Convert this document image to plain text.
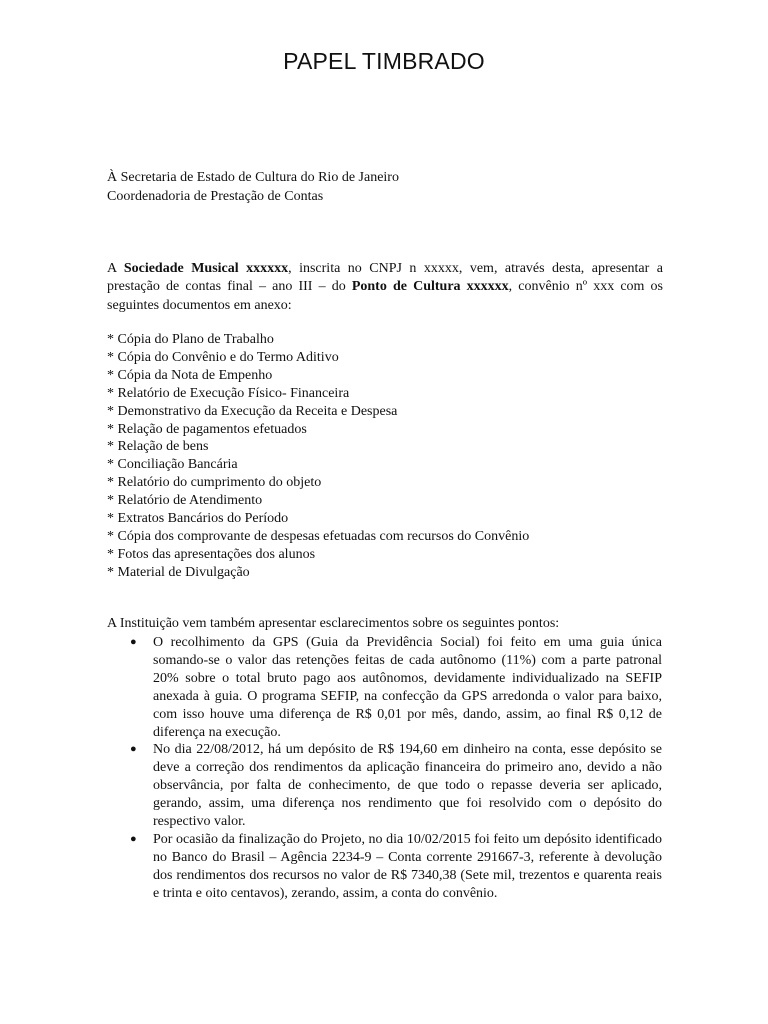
PAPEL TIMBRADO
À Secretaria de Estado de Cultura do Rio de Janeiro
Coordenadoria de Prestação de Contas
A Sociedade Musical xxxxxx, inscrita no CNPJ n xxxxx, vem, através desta, apresentar a prestação de contas final – ano III – do Ponto de Cultura xxxxxx, convênio nº xxx com os seguintes documentos em anexo:
* Cópia do Plano de Trabalho
* Cópia do Convênio e do Termo Aditivo
* Cópia da Nota de Empenho
* Relatório de Execução Físico- Financeira
* Demonstrativo da Execução da Receita e Despesa
* Relação de pagamentos efetuados
* Relação de bens
* Conciliação Bancária
* Relatório do cumprimento do objeto
* Relatório de Atendimento
* Extratos Bancários do Período
* Cópia dos comprovante de despesas efetuadas com recursos do Convênio
* Fotos das apresentações dos alunos
* Material de Divulgação
A Instituição vem também apresentar esclarecimentos sobre os seguintes pontos:
● O recolhimento da GPS (Guia da Previdência Social) foi feito em uma guia única somando-se o valor das retenções feitas de cada autônomo (11%) com a parte patronal 20% sobre o total bruto pago aos autônomos, devidamente individualizado na SEFIP anexada à guia. O programa SEFIP, na confecção da GPS arredonda o valor para baixo, com isso houve uma diferença de R$ 0,01 por mês, dando, assim, ao final R$ 0,12 de diferença na execução.
● No dia 22/08/2012, há um depósito de R$ 194,60 em dinheiro na conta, esse depósito se deve a correção dos rendimentos da aplicação financeira do primeiro ano, devido a não observância, por falta de conhecimento, de que todo o repasse deveria ser aplicado, gerando, assim, uma diferença nos rendimento que foi resolvido com o depósito do respectivo valor.
● Por ocasião da finalização do Projeto, no dia 10/02/2015 foi feito um depósito identificado no Banco do Brasil – Agência 2234-9 – Conta corrente 291667-3, referente à devolução dos rendimentos dos recursos no valor de R$ 7340,38 (Sete mil, trezentos e quarenta reais e trinta e oito centavos), zerando, assim, a conta do convênio.
